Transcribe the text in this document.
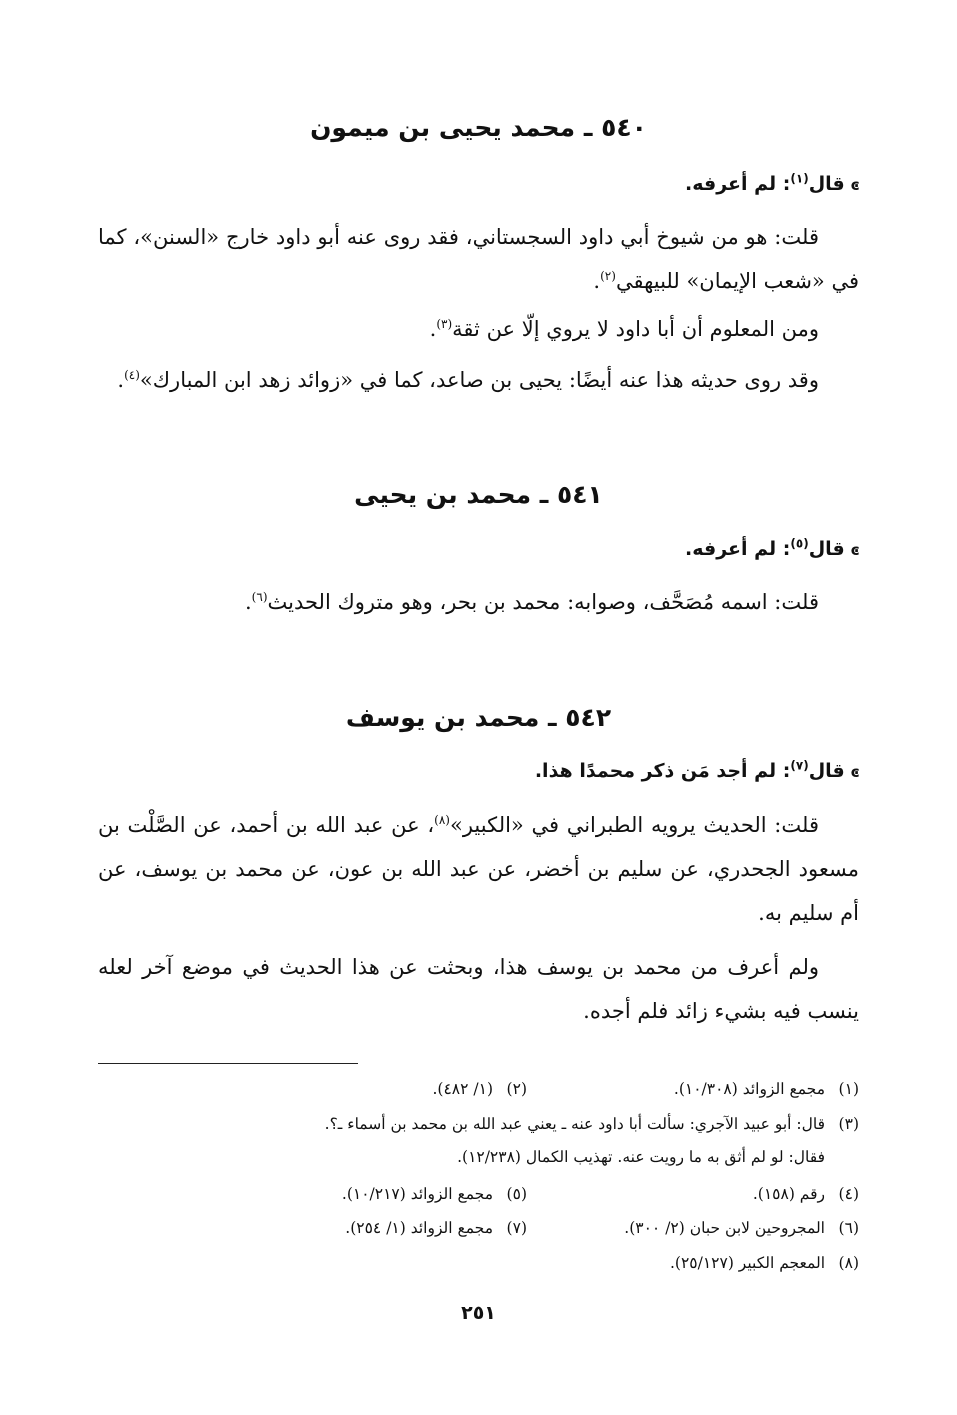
٥٤٠ ـ محمد يحيى بن ميمون
ͼقال$^{(١)}$: لم أعرفه.
قلت: هو من شيوخ أبي داود السجستاني، فقد روى عنه أبو داود خارج «السنن»، كما في «شعب الإيمان» للبيهقي$^{(٢)}$.
ومن المعلوم أن أبا داود لا يروي إلّا عن ثقة$^{(٣)}$.
وقد روى حديثه هذا عنه أيضًا: يحيى بن صاعد، كما في «زوائد زهد ابن المبارك»$^{(٤)}$.
٥٤١ ـ محمد بن يحيى
ͼقال$^{(٥)}$: لم أعرفه.
قلت: اسمه مُصَحَّف، وصوابه: محمد بن بحر، وهو متروك الحديث$^{(٦)}$.
٥٤٢ ـ محمد بن يوسف
ͼقال$^{(٧)}$: لم أجد مَن ذكر محمدًا هذا.
قلت: الحديث يرويه الطبراني في «الكبير»$^{(٨)}$، عن عبد الله بن أحمد، عن الصَّلْت بن مسعود الجحدري، عن سليم بن أخضر، عن عبد الله بن عون، عن محمد بن يوسف، عن أم سليم به.
ولم أعرف من محمد بن يوسف هذا، وبحثت عن هذا الحديث في موضع آخر لعله ينسب فيه بشيء زائد فلم أجده.
(١)مجمع الزوائد (١٠/٣٠٨).
(٢)(١/ ٤٨٢).
(٣)قال: أبو عبيد الآجري: سألت أبا داود عنه ـ يعني عبد الله بن محمد بن أسماء ـ؟.
فقال: لو لم أثق به ما رويت عنه. تهذيب الكمال (١٢/٢٣٨).
(٤)رقم (١٥٨).
(٥)مجمع الزوائد (١٠/٢١٧).
(٦)المجروحين لابن حبان (٢/ ٣٠٠).
(٧)مجمع الزوائد (١/ ٢٥٤).
(٨)المعجم الكبير (٢٥/١٢٧).
٢٥١
